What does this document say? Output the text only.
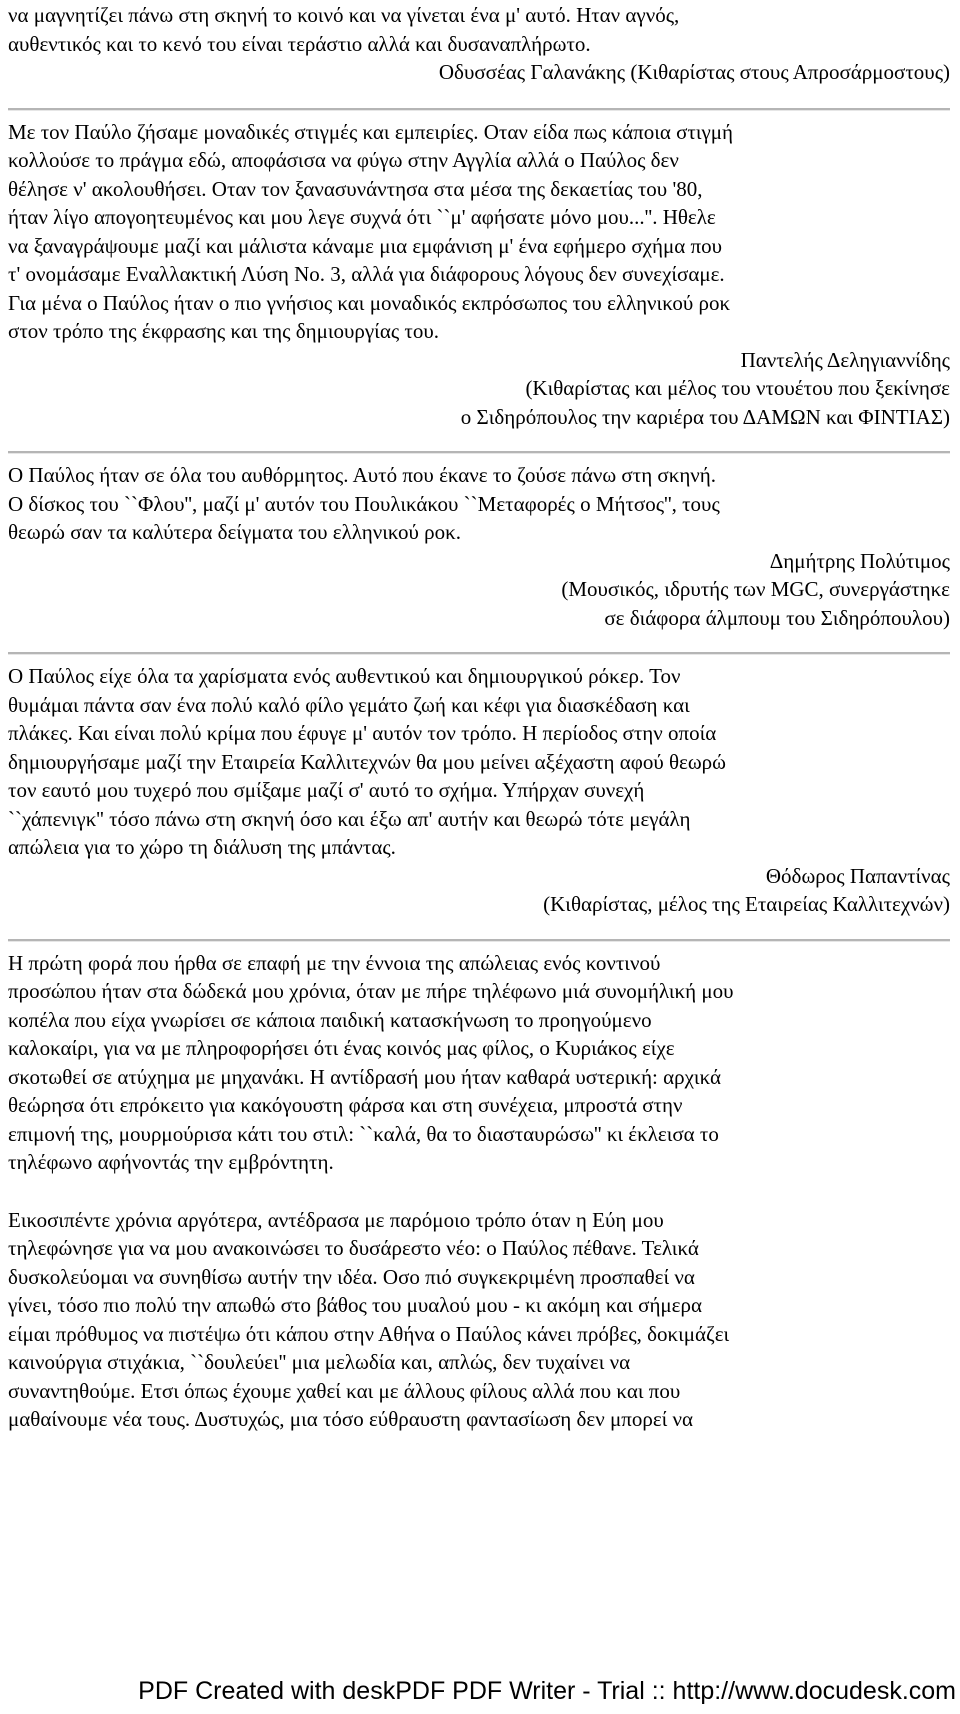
να μαγνητίζει πάνω στη σκηνή το κοινό και να γίνεται ένα μ' αυτό. Ηταν αγνός,
αυθεντικός και το κενό του είναι τεράστιο αλλά και δυσαναπλήρωτο.

Οδυσσέας Γαλανάκης (Κιθαρίστας στους Απροσάρμοστους)

Με τον Παύλο ζήσαμε μοναδικές στιγμές και εμπειρίες. Οταν είδα πως κάποια στιγμή
κολλούσε το πράγμα εδώ, αποφάσισα να φύγω στην Αγγλία αλλά ο Παύλος δεν
θέλησε ν' ακολουθήσει. Οταν τον ξανασυνάντησα στα μέσα της δεκαετίας του '80,
ήταν λίγο απογοητευμένος και μου λεγε συχνά ότι ``μ' αφήσατε μόνο μου...''. Ηθελε
να ξαναγράψουμε μαζί και μάλιστα κάναμε μια εμφάνιση μ' ένα εφήμερο σχήμα που
τ' ονομάσαμε Εναλλακτική Λύση Νο. 3, αλλά για διάφορους λόγους δεν συνεχίσαμε.
Για μένα ο Παύλος ήταν ο πιο γνήσιος και μοναδικός εκπρόσωπος του ελληνικού ροκ
στον τρόπο της έκφρασης και της δημιουργίας του.

Παντελής Δεληγιαννίδης
(Κιθαρίστας και μέλος του ντουέτου που ξεκίνησε
ο Σιδηρόπουλος την καριέρα του ΔΑΜΩΝ και ΦΙΝΤΙΑΣ)

Ο Παύλος ήταν σε όλα του αυθόρμητος. Αυτό που έκανε το ζούσε πάνω στη σκηνή.
Ο δίσκος του ``Φλου'', μαζί μ' αυτόν του Πουλικάκου ``Μεταφορές ο Μήτσος'', τους
θεωρώ σαν τα καλύτερα δείγματα του ελληνικού ροκ.

Δημήτρης Πολύτιμος
(Μουσικός, ιδρυτής των MGC, συνεργάστηκε
σε διάφορα άλμπουμ του Σιδηρόπουλου)

Ο Παύλος είχε όλα τα χαρίσματα ενός αυθεντικού και δημιουργικού ρόκερ. Τον
θυμάμαι πάντα σαν ένα πολύ καλό φίλο γεμάτο ζωή και κέφι για διασκέδαση και
πλάκες. Και είναι πολύ κρίμα που έφυγε μ' αυτόν τον τρόπο. Η περίοδος στην οποία
δημιουργήσαμε μαζί την Εταιρεία Καλλιτεχνών θα μου μείνει αξέχαστη αφού θεωρώ
τον εαυτό μου τυχερό που σμίξαμε μαζί σ' αυτό το σχήμα. Υπήρχαν συνεχή
``χάπενιγκ'' τόσο πάνω στη σκηνή όσο και έξω απ' αυτήν και θεωρώ τότε μεγάλη
απώλεια για το χώρο τη διάλυση της μπάντας.

Θόδωρος Παπαντίνας
(Κιθαρίστας, μέλος της Εταιρείας Καλλιτεχνών)

Η πρώτη φορά που ήρθα σε επαφή με την έννοια της απώλειας ενός κοντινού
προσώπου ήταν στα δώδεκά μου χρόνια, όταν με πήρε τηλέφωνο μιά συνομήλική μου
κοπέλα που είχα γνωρίσει σε κάποια παιδική κατασκήνωση το προηγούμενο
καλοκαίρι, για να με πληροφορήσει ότι ένας κοινός μας φίλος, ο Κυριάκος είχε
σκοτωθεί σε ατύχημα με μηχανάκι. Η αντίδρασή μου ήταν καθαρά υστερική: αρχικά
θεώρησα ότι επρόκειτο για κακόγουστη φάρσα και στη συνέχεια, μπροστά στην
επιμονή της, μουρμούρισα κάτι του στιλ: ``καλά, θα το διασταυρώσω'' κι έκλεισα το
τηλέφωνο αφήνοντάς την εμβρόντητη.

Εικοσιπέντε χρόνια αργότερα, αντέδρασα με παρόμοιο τρόπο όταν η Εύη μου
τηλεφώνησε για να μου ανακοινώσει το δυσάρεστο νέο: ο Παύλος πέθανε. Τελικά
δυσκολεύομαι να συνηθίσω αυτήν την ιδέα. Οσο πιό συγκεκριμένη προσπαθεί να
γίνει, τόσο πιο πολύ την απωθώ στο βάθος του μυαλού μου - κι ακόμη και σήμερα
είμαι πρόθυμος να πιστέψω ότι κάπου στην Αθήνα ο Παύλος κάνει πρόβες, δοκιμάζει
καινούργια στιχάκια, ``δουλεύει'' μια μελωδία και, απλώς, δεν τυχαίνει να
συναντηθούμε. Ετσι όπως έχουμε χαθεί και με άλλους φίλους αλλά που και που
μαθαίνουμε νέα τους. Δυστυχώς, μια τόσο εύθραυστη φαντασίωση δεν μπορεί να

PDF Created with deskPDF PDF Writer - Trial :: http://www.docudesk.com
